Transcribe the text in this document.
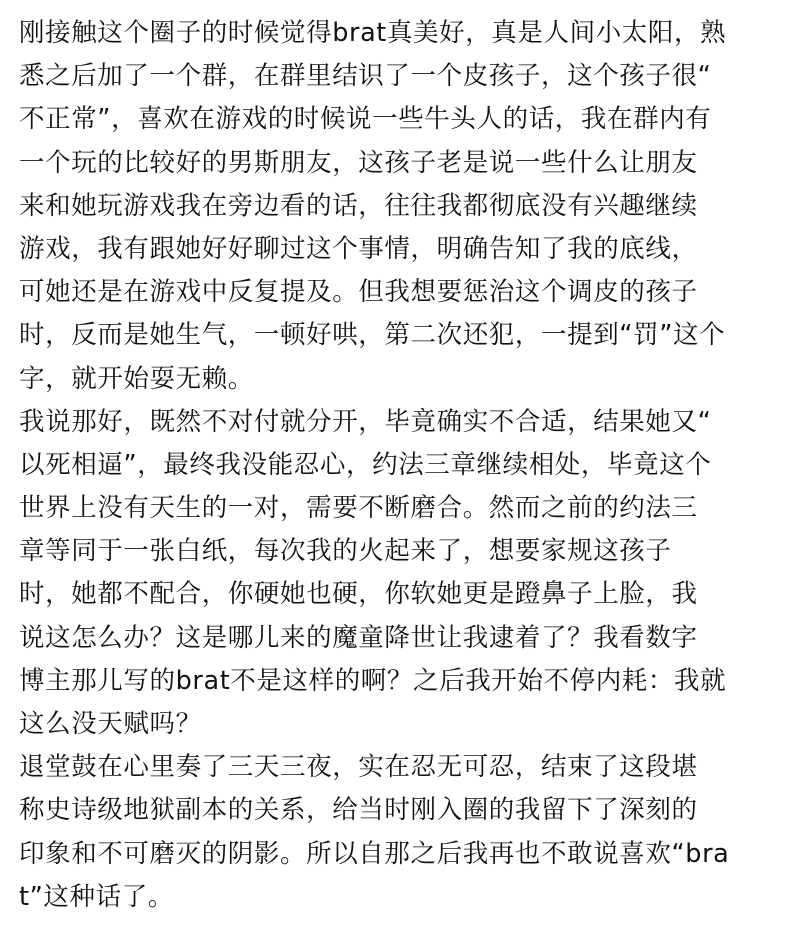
刚接触这个圈子的时候觉得brat真美好，真是人间小太阳，熟
悉之后加了一个群，在群里结识了一个皮孩子，这个孩子很“
不正常”，喜欢在游戏的时候说一些牛头人的话，我在群内有
一个玩的比较好的男斯朋友，这孩子老是说一些什么让朋友
来和她玩游戏我在旁边看的话，往往我都彻底没有兴趣继续
游戏，我有跟她好好聊过这个事情，明确告知了我的底线，
可她还是在游戏中反复提及。但我想要惩治这个调皮的孩子
时，反而是她生气，一顿好哄，第二次还犯，一提到“罚”这个
字，就开始耍无赖。
我说那好，既然不对付就分开，毕竟确实不合适，结果她又“
以死相逼”，最终我没能忍心，约法三章继续相处，毕竟这个
世界上没有天生的一对，需要不断磨合。然而之前的约法三
章等同于一张白纸，每次我的火起来了，想要家规这孩子
时，她都不配合，你硬她也硬，你软她更是蹬鼻子上脸，我
说这怎么办？这是哪儿来的魔童降世让我逮着了？我看数字
博主那儿写的brat不是这样的啊？之后我开始不停内耗：我就
这么没天赋吗？
退堂鼓在心里奏了三天三夜，实在忍无可忍，结束了这段堪
称史诗级地狱副本的关系，给当时刚入圈的我留下了深刻的
印象和不可磨灭的阴影。所以自那之后我再也不敢说喜欢“bra
t”这种话了。
